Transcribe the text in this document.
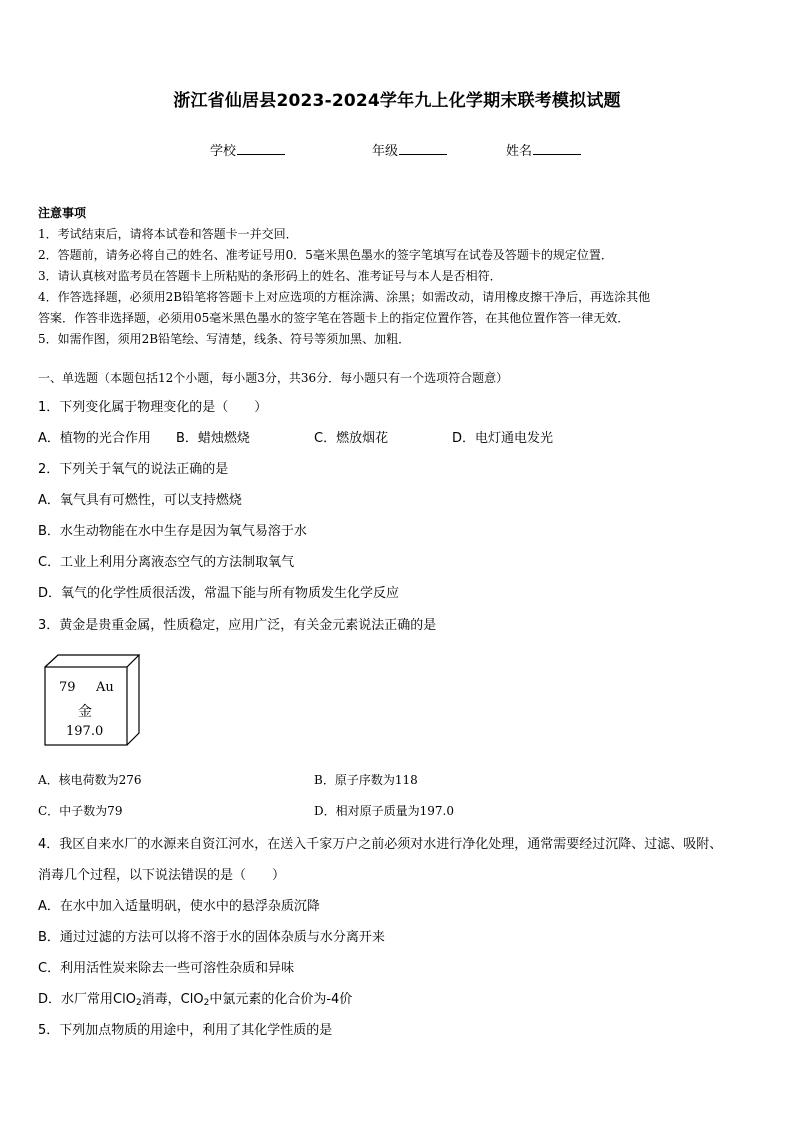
浙江省仙居县2023-2024学年九上化学期末联考模拟试题
学校	年级	姓名
注意事项
1．考试结束后，请将本试卷和答题卡一并交回．
2．答题前，请务必将自己的姓名、准考证号用0．5毫米黑色墨水的签字笔填写在试卷及答题卡的规定位置．
3．请认真核对监考员在答题卡上所粘贴的条形码上的姓名、准考证号与本人是否相符．
4．作答选择题，必须用2B铅笔将答题卡上对应选项的方框涂满、涂黑；如需改动，请用橡皮擦干净后，再选涂其他
答案．作答非选择题，必须用05毫米黑色墨水的签字笔在答题卡上的指定位置作答，在其他位置作答一律无效．
5．如需作图，须用2B铅笔绘、写清楚，线条、符号等须加黑、加粗．
一、单选题（本题包括12个小题，每小题3分，共36分．每小题只有一个选项符合题意）
1．下列变化属于物理变化的是（　　）
A．植物的光合作用 B．蜡烛燃烧	C．燃放烟花	D．电灯通电发光
2．下列关于氧气的说法正确的是
A．氧气具有可燃性，可以支持燃烧
B．水生动物能在水中生存是因为氧气易溶于水
C．工业上利用分离液态空气的方法制取氧气
D．氧气的化学性质很活泼，常温下能与所有物质发生化学反应
3．黄金是贵重金属，性质稳定，应用广泛，有关金元素说法正确的是
79 Au
金
197.0
A．核电荷数为276	B．原子序数为118
C．中子数为79	D．相对原子质量为197.0
4．我区自来水厂的水源来自资江河水，在送入千家万户之前必须对水进行净化处理，通常需要经过沉降、过滤、吸附、
消毒几个过程，以下说法错误的是（　　）
A．在水中加入适量明矾，使水中的悬浮杂质沉降
B．通过过滤的方法可以将不溶于水的固体杂质与水分离开来
C．利用活性炭来除去一些可溶性杂质和异味
D．水厂常用ClO$_2$消毒，ClO$_2$中氯元素的化合价为-4价
5．下列加点物质的用途中，利用了其化学性质的是
